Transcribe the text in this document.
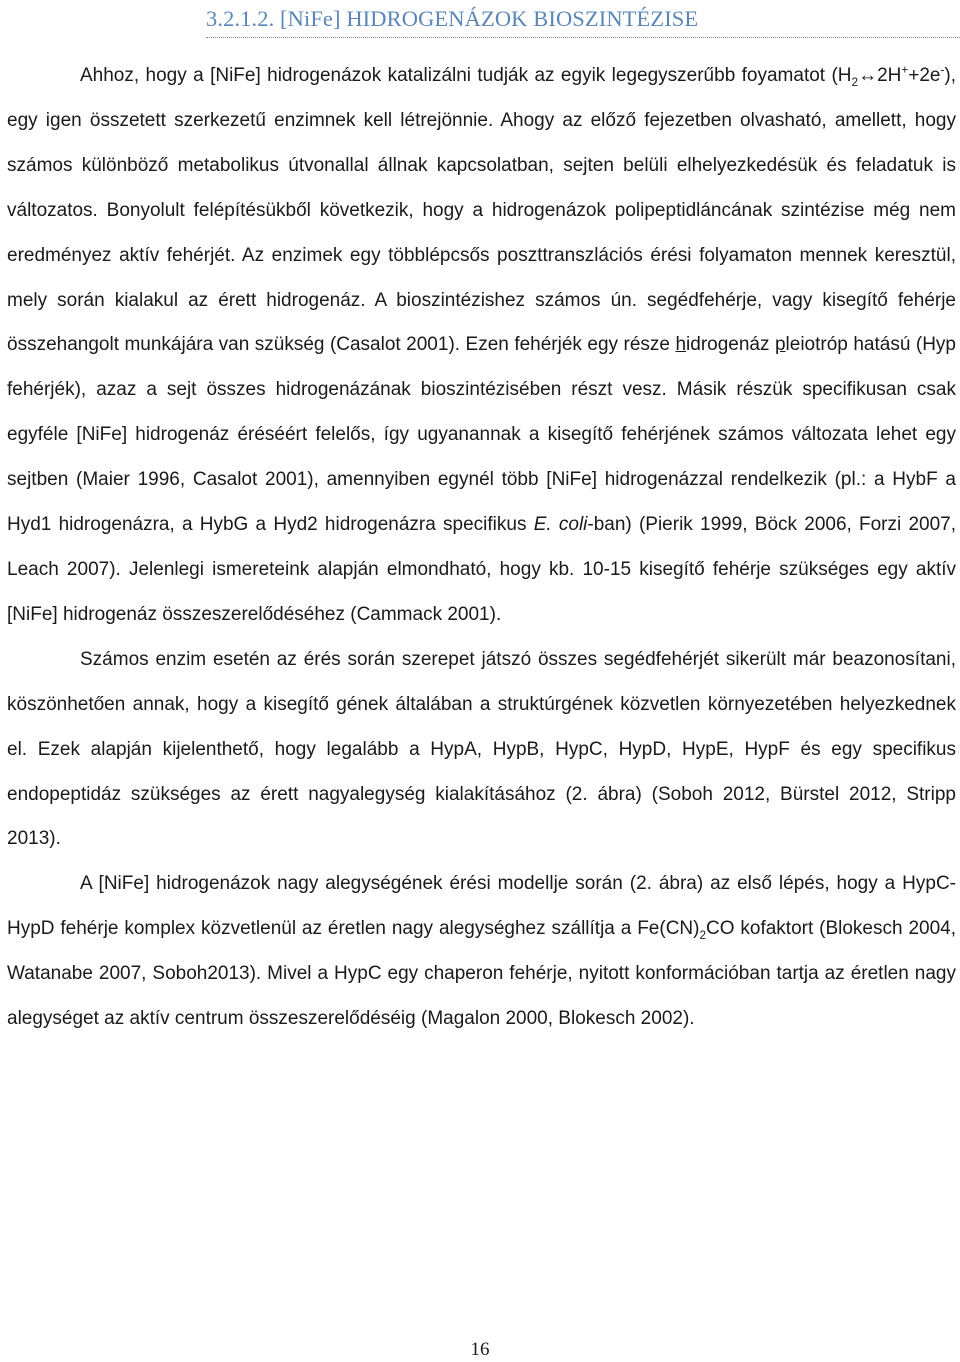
3.2.1.2. [NiFe] HIDROGENÁZOK BIOSZINTÉZISE

Ahhoz, hogy a [NiFe] hidrogenázok katalizálni tudják az egyik legegyszerűbb foyamatot $(H_2\leftrightarrow 2H^++2e^-)$, egy igen összetett szerkezetű enzimnek kell létrejönnie. Ahogy az előző fejezetben olvasható, amellett, hogy számos különböző metabolikus útvonallal állnak kapcsolatban, sejten belüli elhelyezkedésük és feladatuk is változatos. Bonyolult felépítésükből következik, hogy a hidrogenázok polipeptidláncának szintézise még nem eredményez aktív fehérjét. Az enzimek egy többlépcsős poszttranszlációs érési folyamaton mennek keresztül, mely során kialakul az érett hidrogenáz. A bioszintézishez számos ún. segédfehérje, vagy kisegítő fehérje összehangolt munkájára van szükség (Casalot 2001). Ezen fehérjék egy része hidrogenáz pleiotróp hatású (Hyp fehérjék), azaz a sejt összes hidrogenázának bioszintézisében részt vesz. Másik részük specifikusan csak egyféle [NiFe] hidrogenáz éréséért felelős, így ugyanannak a kisegítő fehérjének számos változata lehet egy sejtben (Maier 1996, Casalot 2001), amennyiben egynél több [NiFe] hidrogenázzal rendelkezik (pl.: a HybF a Hyd1 hidrogenázra, a HybG a Hyd2 hidrogenázra specifikus E. coli-ban) (Pierik 1999, Böck 2006, Forzi 2007, Leach 2007). Jelenlegi ismereteink alapján elmondható, hogy kb. 10-15 kisegítő fehérje szükséges egy aktív [NiFe] hidrogenáz összeszerelődéséhez (Cammack 2001).

Számos enzim esetén az érés során szerepet játszó összes segédfehérjét sikerült már beazonosítani, köszönhetően annak, hogy a kisegítő gének általában a struktúrgének közvetlen környezetében helyezkednek el. Ezek alapján kijelenthető, hogy legalább a HypA, HypB, HypC, HypD, HypE, HypF és egy specifikus endopeptidáz szükséges az érett nagyalegység kialakításához (2. ábra) (Soboh 2012, Bürstel 2012, Stripp 2013).

A [NiFe] hidrogenázok nagy alegységének érési modellje során (2. ábra) az első lépés, hogy a HypC-HypD fehérje komplex közvetlenül az éretlen nagy alegységhez szállítja a $Fe(CN)_2CO$ kofaktort (Blokesch 2004, Watanabe 2007, Soboh2013). Mivel a HypC egy chaperon fehérje, nyitott konformációban tartja az éretlen nagy alegységet az aktív centrum összeszerelődéséig (Magalon 2000, Blokesch 2002).

16
